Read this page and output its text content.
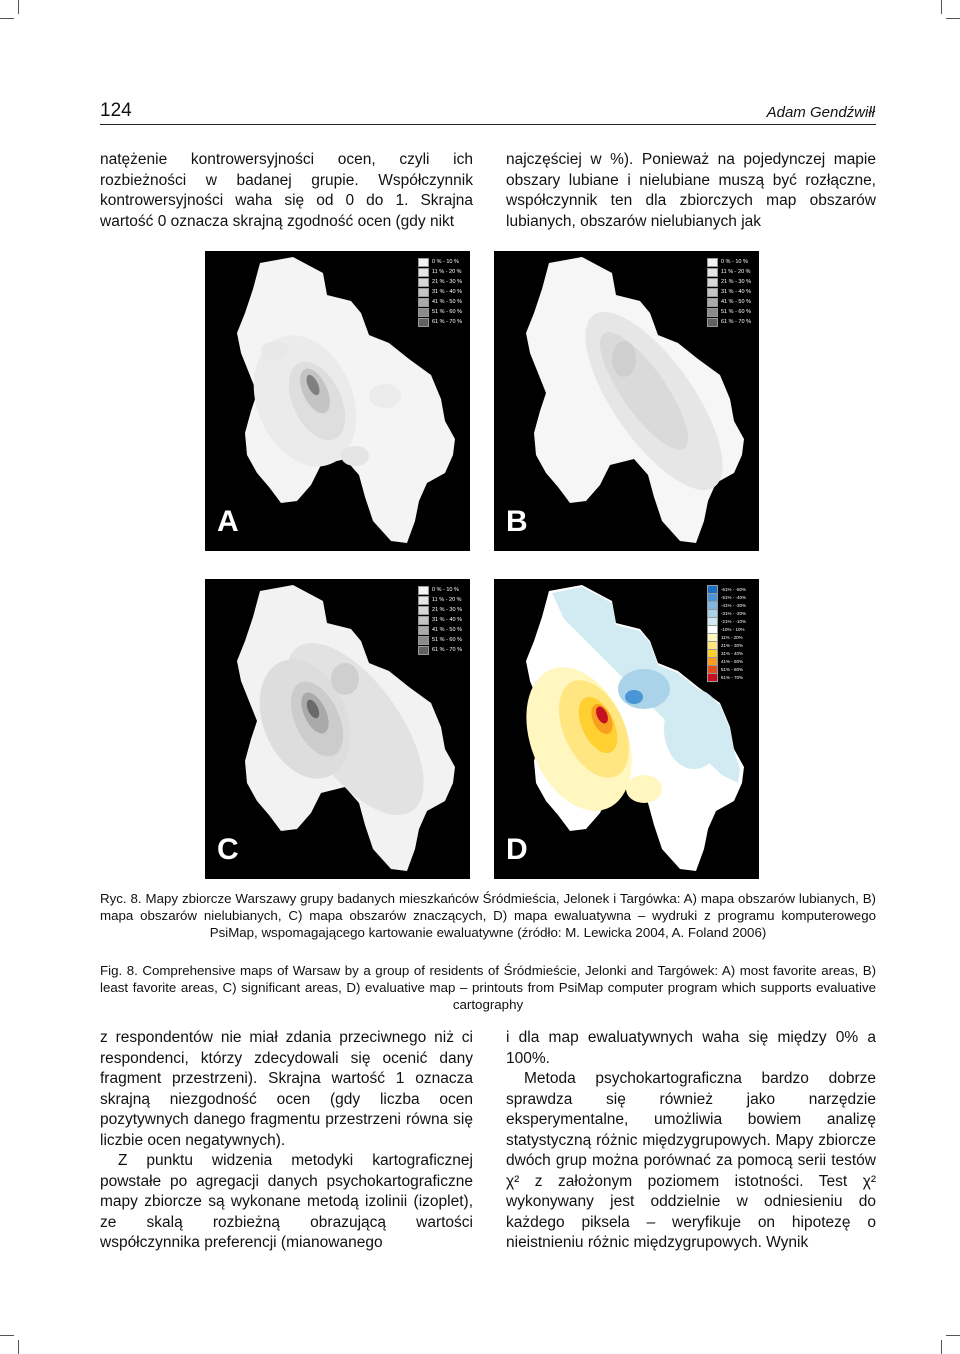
124	Adam Gendźwiłł

natężenie kontrowersyjności ocen, czyli ich rozbieżności w badanej grupie. Współczynnik kontrowersyjności waha się od 0 do 1. Skrajna wartość 0 oznacza skrajną zgodność ocen (gdy nikt

najczęściej w %). Ponieważ na pojedynczej mapie obszary lubiane i nielubiane muszą być rozłączne, współczynnik ten dla zbiorczych map obszarów lubianych, obszarów nielubianych jak

0 % - 10 %
11 % - 20 %
21 % - 30 %
31 % - 40 %
41 % - 50 %
51 % - 60 %
61 % - 70 %
A
0 % - 10 %
11 % - 20 %
21 % - 30 %
31 % - 40 %
41 % - 50 %
51 % - 60 %
61 % - 70 %
B
0 % - 10 %
11 % - 20 %
21 % - 30 %
31 % - 40 %
41 % - 50 %
51 % - 60 %
61 % - 70 %
C
-61% - -50%
-51% - -40%
-41% - -30%
-31% - -20%
-21% - -10%
-10% - 10%
11% - 20%
21% - 30%
31% - 40%
41% - 50%
51% - 60%
61% - 70%
D
Ryc. 8. Mapy zbiorcze Warszawy grupy badanych mieszkańców Śródmieścia, Jelonek i Targówka: A) mapa obszarów lubianych, B) mapa obszarów nielubianych, C) mapa obszarów znaczących, D) mapa ewaluatywna – wydruki z programu komputerowego PsiMap, wspomagającego kartowanie ewaluatywne (źródło: M. Lewicka 2004, A. Foland 2006)
Fig. 8. Comprehensive maps of Warsaw by a group of residents of Śródmieście, Jelonki and Targówek: A) most favorite areas, B) least favorite areas, C) significant areas, D) evaluative map – printouts from PsiMap computer program which supports evaluative cartography

z respondentów nie miał zdania przeciwnego niż ci respondenci, którzy zdecydowali się ocenić dany fragment przestrzeni). Skrajna wartość 1 oznacza skrajną niezgodność ocen (gdy liczba ocen pozytywnych danego fragmentu przestrzeni równa się liczbie ocen negatywnych).

Z punktu widzenia metodyki kartograficznej powstałe po agregacji danych psychokartograficzne mapy zbiorcze są wykonane metodą izolinii (izoplet), ze skalą rozbieżną obrazującą wartości współczynnika preferencji (mianowanego

i dla map ewaluatywnych waha się między 0% a 100%.

Metoda psychokartograficzna bardzo dobrze sprawdza się również jako narzędzie eksperymentalne, umożliwia bowiem analizę statystyczną różnic międzygrupowych. Mapy zbiorcze dwóch grup można porównać za pomocą serii testów χ² z założonym poziomem istotności. Test χ² wykonywany jest oddzielnie w odniesieniu do każdego piksela – weryfikuje on hipotezę o nieistnieniu różnic międzygrupowych. Wynik
